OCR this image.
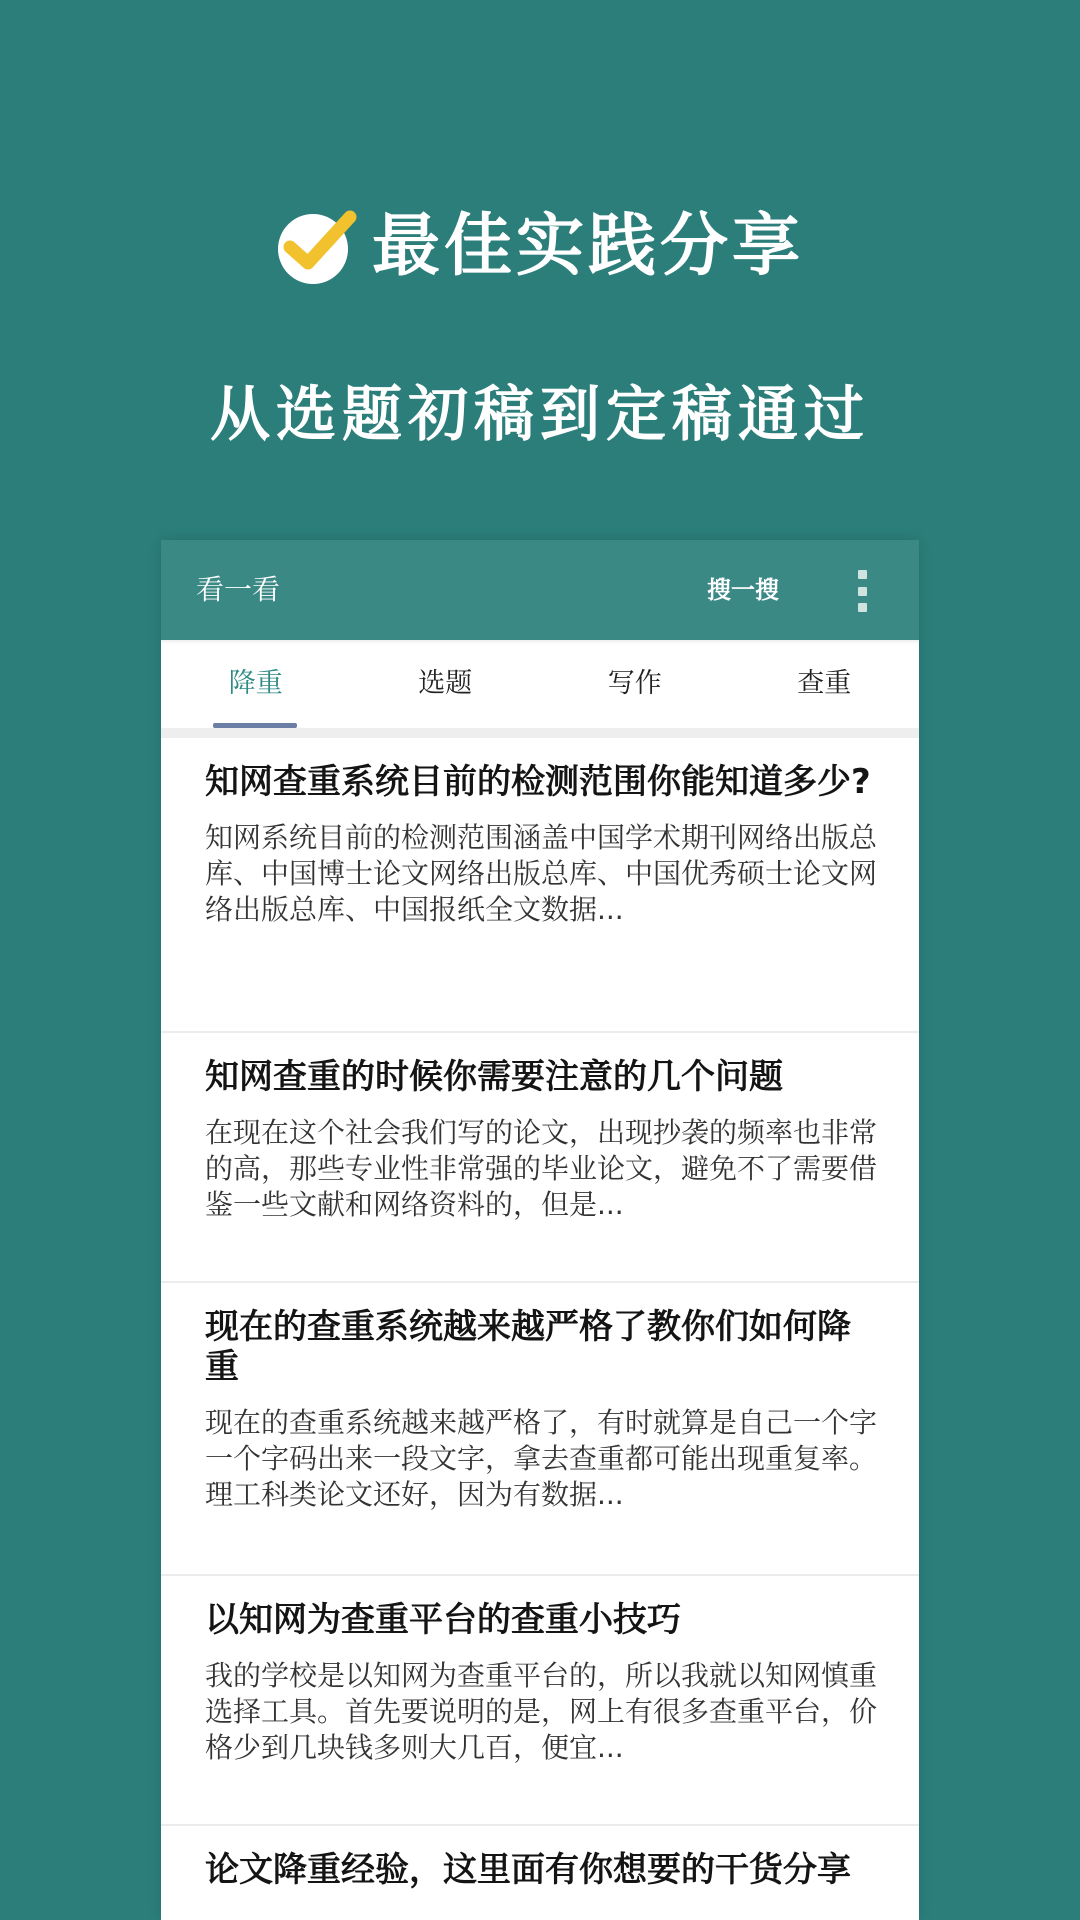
最佳实践分享
从选题初稿到定稿通过
看一看	搜一搜
降重	选题	写作	查重
知网查重系统目前的检测范围你能知道多少?
知网系统目前的检测范围涵盖中国学术期刊网络出版总库、中国博士论文网络出版总库、中国优秀硕士论文网络出版总库、中国报纸全文数据...
知网查重的时候你需要注意的几个问题
在现在这个社会我们写的论文，出现抄袭的频率也非常的高，那些专业性非常强的毕业论文，避免不了需要借鉴一些文献和网络资料的，但是...
现在的查重系统越来越严格了教你们如何降重
现在的查重系统越来越严格了，有时就算是自己一个字一个字码出来一段文字，拿去查重都可能出现重复率。理工科类论文还好，因为有数据...
以知网为查重平台的查重小技巧
我的学校是以知网为查重平台的，所以我就以知网慎重选择工具。首先要说明的是，网上有很多查重平台，价格少到几块钱多则大几百，便宜...
论文降重经验，这里面有你想要的干货分享
